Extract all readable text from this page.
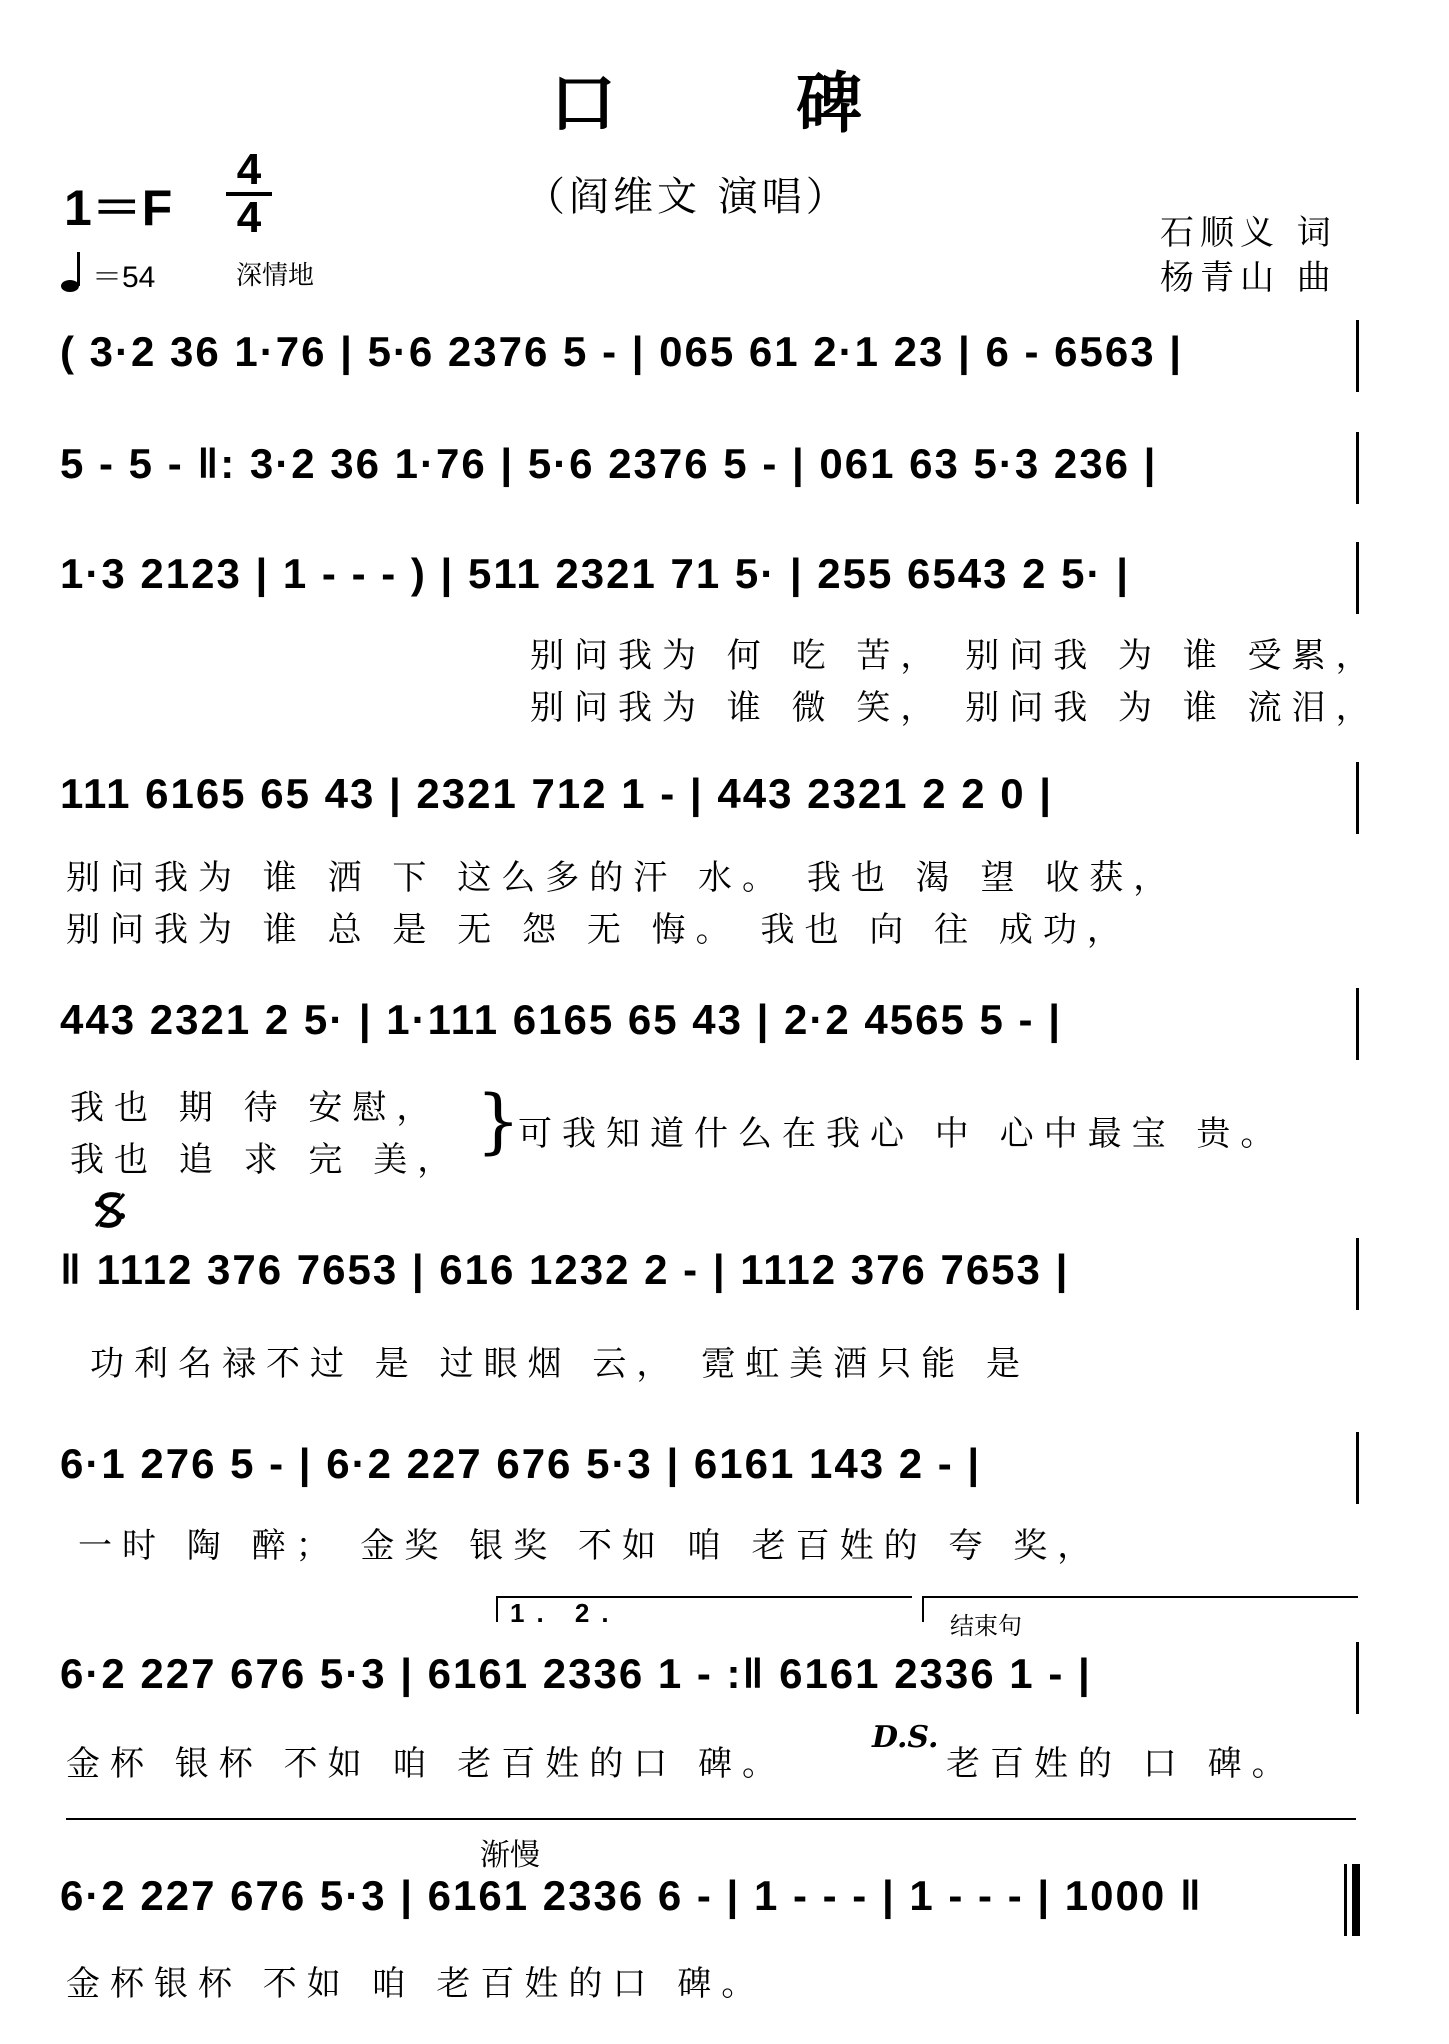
口碑
1＝F
4
4	（阎维文 演唱）
石顺义 词
杨青山 曲
＝54	深情地
( 3·2 36 1·76 | 5·6 2376 5 - | 065 61 2·1 23 | 6 - 6563 |
5 - 5 - ‖: 3·2 36 1·76 | 5·6 2376 5 - | 061 63 5·3 236 |
1·3 2123 | 1 - - - ) | 511 2321 71 5· | 255 6543 2 5· |
别问我为 何 吃 苦， 别问我 为 谁 受累，
别问我为 谁 微 笑， 别问我 为 谁 流泪，
111 6165 65 43 | 2321 712 1 - | 443 2321 2 2 0 |
别问我为 谁 洒 下 这么多的汗 水。 我也 渴 望 收获，
别问我为 谁 总 是 无 怨 无 悔。 我也 向 往 成功，
443 2321 2 5· | 1·111 6165 65 43 | 2·2 4565 5 - |
我也 期 待 安慰，
我也 追 求 完 美， }
可我知道什么在我心 中 心中最宝 贵。
‖ 1112 376 7653 | 616 1232 2 - | 1112 376 7653 |
功利名禄不过 是 过眼烟 云， 霓虹美酒只能 是
6·1 276 5 - | 6·2 227 676 5·3 | 6161 143 2 - |
一时 陶 醉； 金奖 银奖 不如 咱 老百姓的 夸 奖，
1. 2.	结束句
6·2 227 676 5·3 | 6161 2336 1 - :‖ 6161 2336 1 - |
金杯 银杯 不如 咱 老百姓的口 碑。
D.S.
老百姓的 口 碑。
渐慢
6·2 227 676 5·3 | 6161 2336 6 - | 1 - - - | 1 - - - | 1000 ‖
金杯银杯 不如 咱 老百姓的口 碑。
